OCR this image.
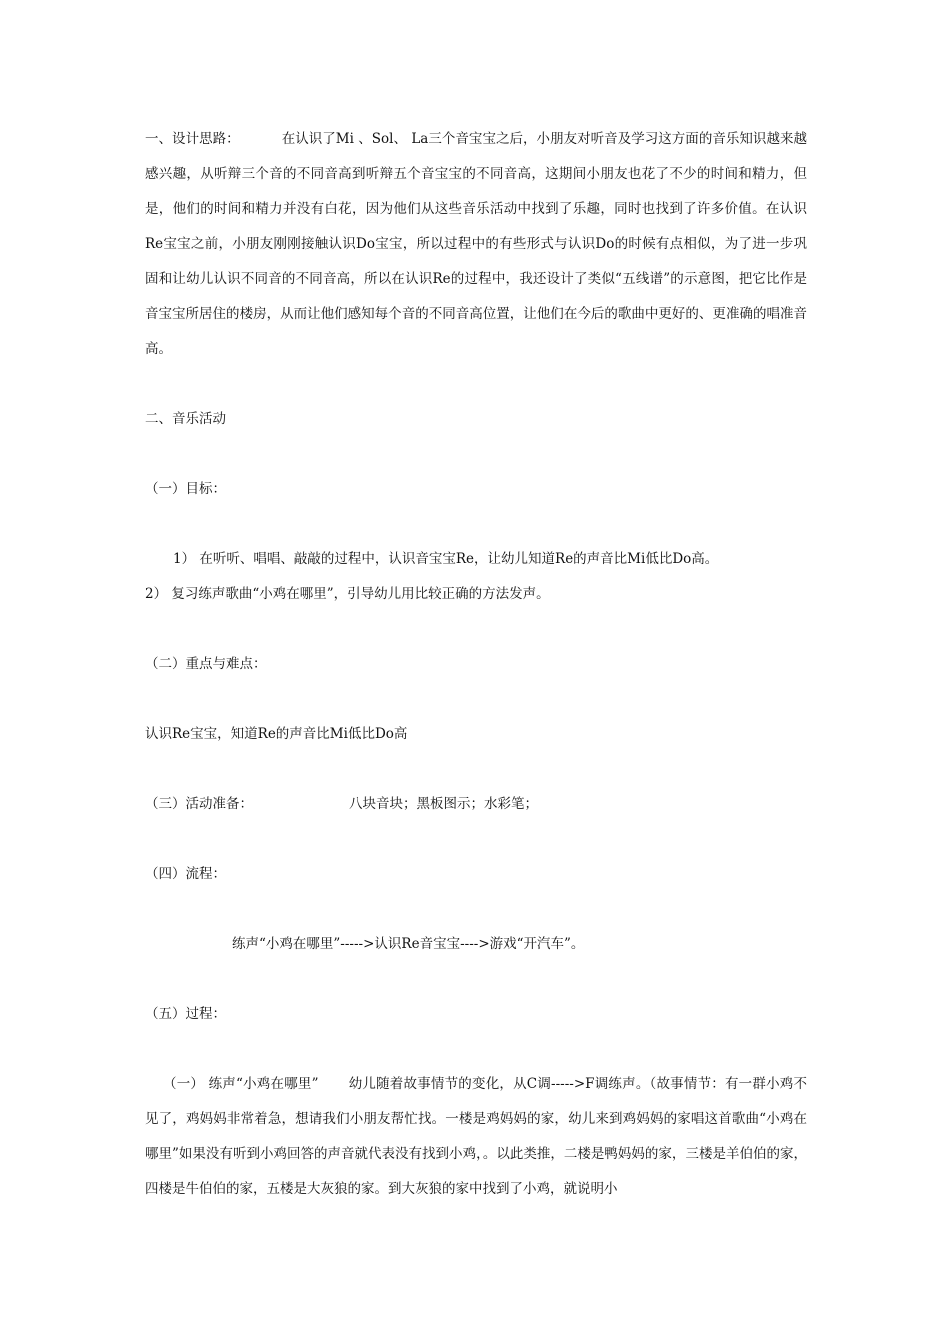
一、设计思路：	在认识了Mi 、Sol、 La三个音宝宝之后，小朋友对听音及学习这方面的音乐知识越来越感兴趣，从听辩三个音的不同音高到听辩五个音宝宝的不同音高，这期间小朋友也花了不少的时间和精力，但是，他们的时间和精力并没有白花，因为他们从这些音乐活动中找到了乐趣，同时也找到了许多价值。在认识Re宝宝之前，小朋友刚刚接触认识Do宝宝，所以过程中的有些形式与认识Do的时候有点相似，为了进一步巩固和让幼儿认识不同音的不同音高，所以在认识Re的过程中，我还设计了类似“五线谱”的示意图，把它比作是音宝宝所居住的楼房，从而让他们感知每个音的不同音高位置，让他们在今后的歌曲中更好的、更准确的唱准音高。

二、音乐活动

（一）目标：

1） 在听听、唱唱、敲敲的过程中，认识音宝宝Re，让幼儿知道Re的声音比Mi低比Do高。

2） 复习练声歌曲“小鸡在哪里”，引导幼儿用比较正确的方法发声。

（二）重点与难点：

认识Re宝宝，知道Re的声音比Mi低比Do高

（三）活动准备：	八块音块；黑板图示；水彩笔；

（四）流程：

练声“小鸡在哪里”----->认识Re音宝宝---->游戏“开汽车”。

（五）过程：

（一） 练声“小鸡在哪里” 幼儿随着故事情节的变化，从C调----->F调练声。（故事情节：有一群小鸡不见了，鸡妈妈非常着急，想请我们小朋友帮忙找。一楼是鸡妈妈的家，幼儿来到鸡妈妈的家唱这首歌曲“小鸡在哪里”如果没有听到小鸡回答的声音就代表没有找到小鸡，。以此类推，二楼是鸭妈妈的家，三楼是羊伯伯的家，四楼是牛伯伯的家，五楼是大灰狼的家。到大灰狼的家中找到了小鸡，就说明小
